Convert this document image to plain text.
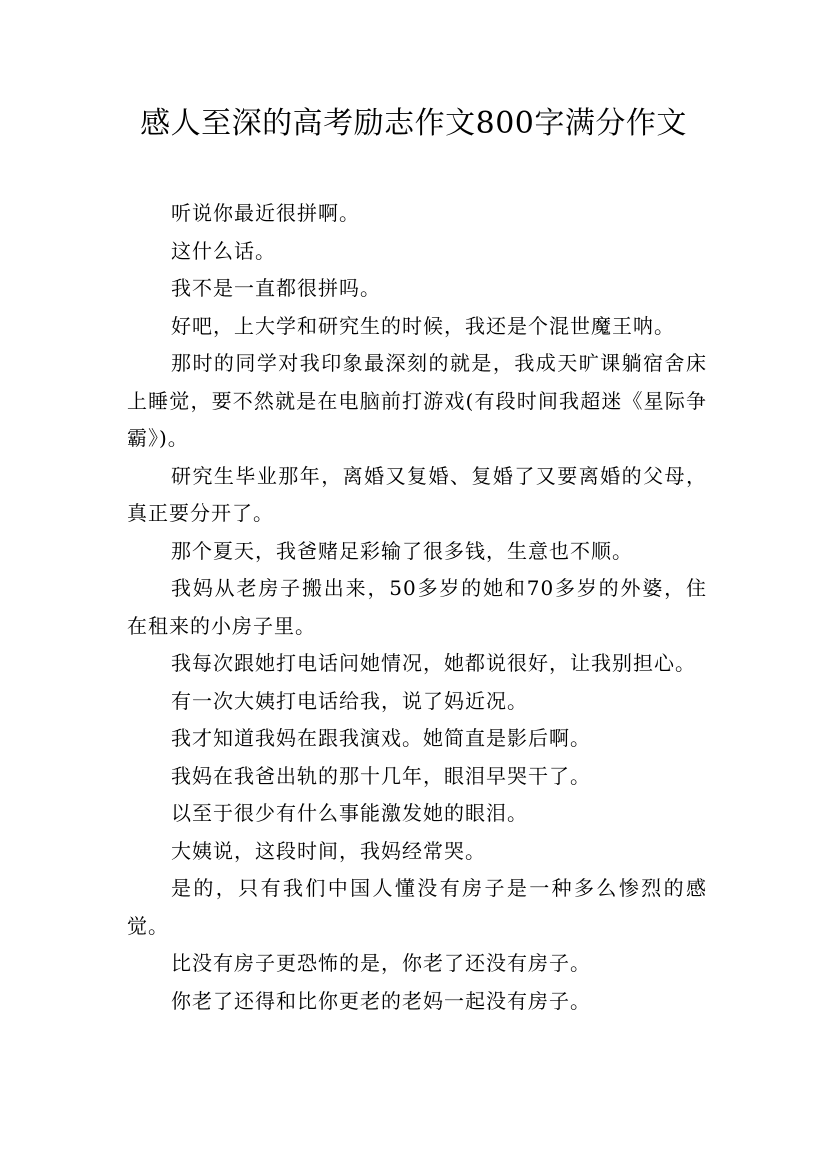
感人至深的高考励志作文800字满分作文

听说你最近很拼啊。

这什么话。

我不是一直都很拼吗。

好吧，上大学和研究生的时候，我还是个混世魔王呐。

那时的同学对我印象最深刻的就是，我成天旷课躺宿舍床上睡觉，要不然就是在电脑前打游戏(有段时间我超迷《星际争霸》)。

研究生毕业那年，离婚又复婚、复婚了又要离婚的父母，真正要分开了。

那个夏天，我爸赌足彩输了很多钱，生意也不顺。

我妈从老房子搬出来，50多岁的她和70多岁的外婆，住在租来的小房子里。

我每次跟她打电话问她情况，她都说很好，让我别担心。

有一次大姨打电话给我，说了妈近况。

我才知道我妈在跟我演戏。她简直是影后啊。

我妈在我爸出轨的那十几年，眼泪早哭干了。

以至于很少有什么事能激发她的眼泪。

大姨说，这段时间，我妈经常哭。

是的，只有我们中国人懂没有房子是一种多么惨烈的感觉。

比没有房子更恐怖的是，你老了还没有房子。

你老了还得和比你更老的老妈一起没有房子。
